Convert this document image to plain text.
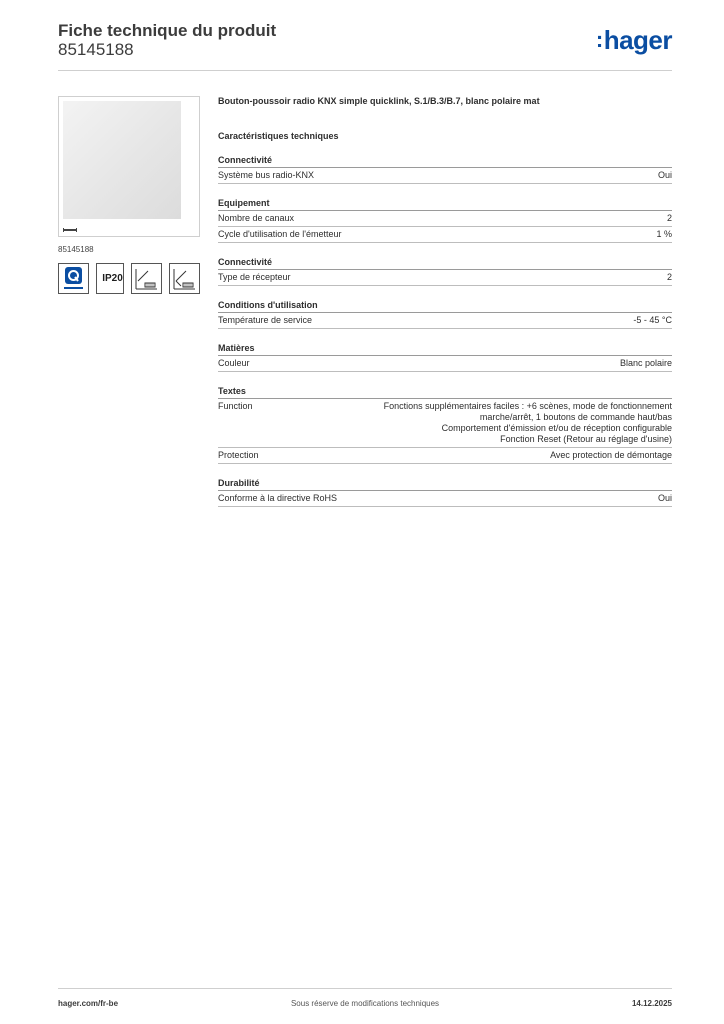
Fiche technique du produit
85145188	:hager
85145188
IP20
Bouton-poussoir radio KNX simple quicklink, S.1/B.3/B.7, blanc polaire mat
Caractéristiques techniques
Connectivité
Système bus radio-KNX	Oui
Equipement
Nombre de canaux	2
Cycle d'utilisation de l'émetteur	1 %
Connectivité
Type de récepteur	2
Conditions d'utilisation
Température de service	-5 - 45 °C
Matières
Couleur	Blanc polaire
Textes
Function	Fonctions supplémentaires faciles : +6 scènes, mode de fonctionnement
marche/arrêt, 1 boutons de commande haut/bas
Comportement d'émission et/ou de réception configurable
Fonction Reset (Retour au réglage d'usine)
Protection	Avec protection de démontage
Durabilité
Conforme à la directive RoHS	Oui
hager.com/fr-be	Sous réserve de modifications techniques	14.12.2025
